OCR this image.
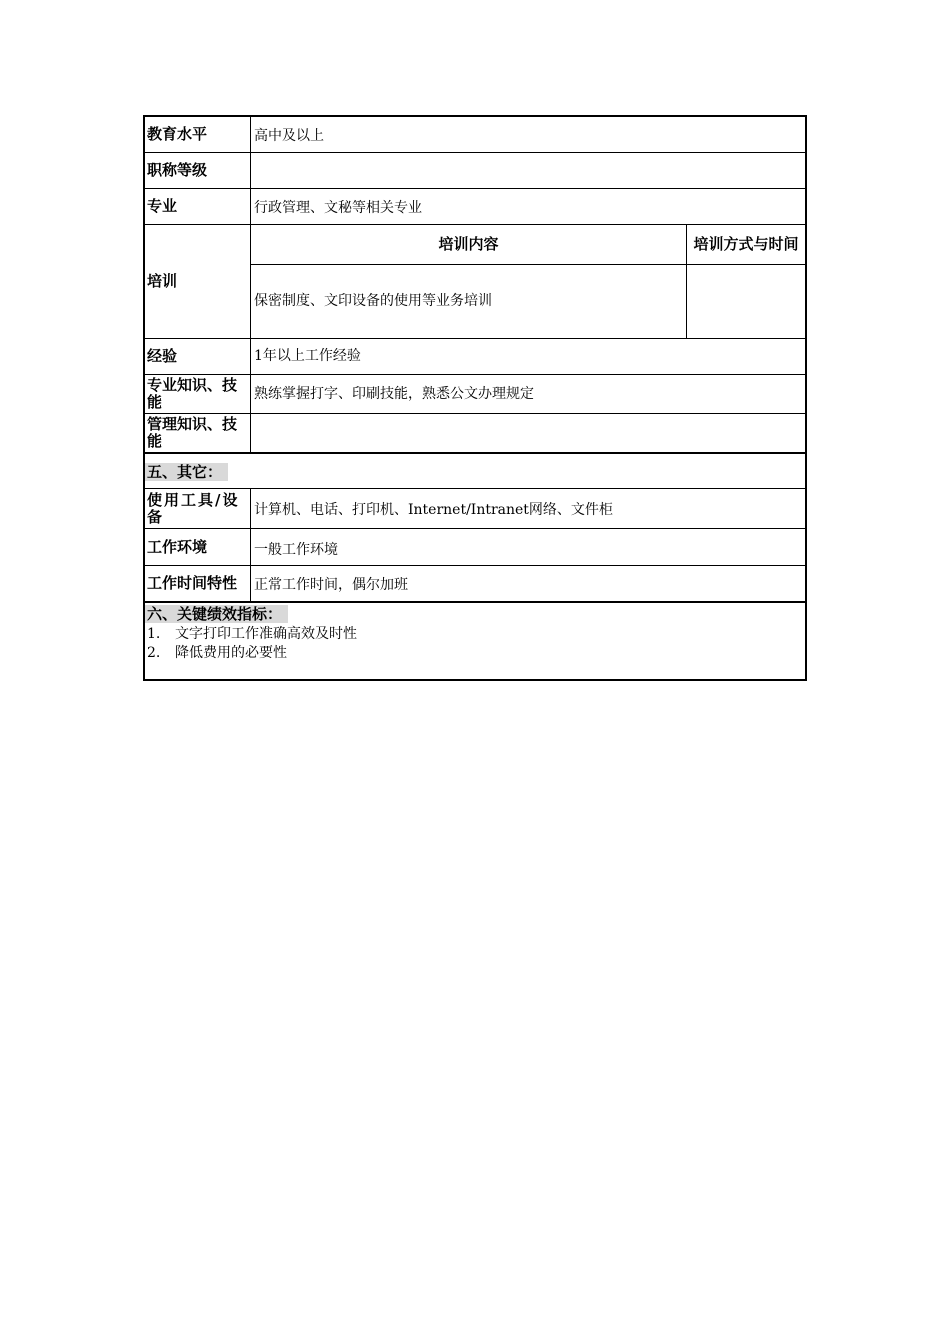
教育水平	高中及以上
职称等级
专业	行政管理、文秘等相关专业
培训
培训内容	培训方式与时间
保密制度、文印设备的使用等业务培训
经验	1年以上工作经验
专业知识、技能	熟练掌握打字、印刷技能，熟悉公文办理规定
管理知识、技能
五、其它：
使用工具/设备	计算机、电话、打印机、Internet/Intranet网络、文件柜
工作环境	一般工作环境
工作时间特性	正常工作时间，偶尔加班
六、关键绩效指标：
1. 文字打印工作准确高效及时性
2. 降低费用的必要性
